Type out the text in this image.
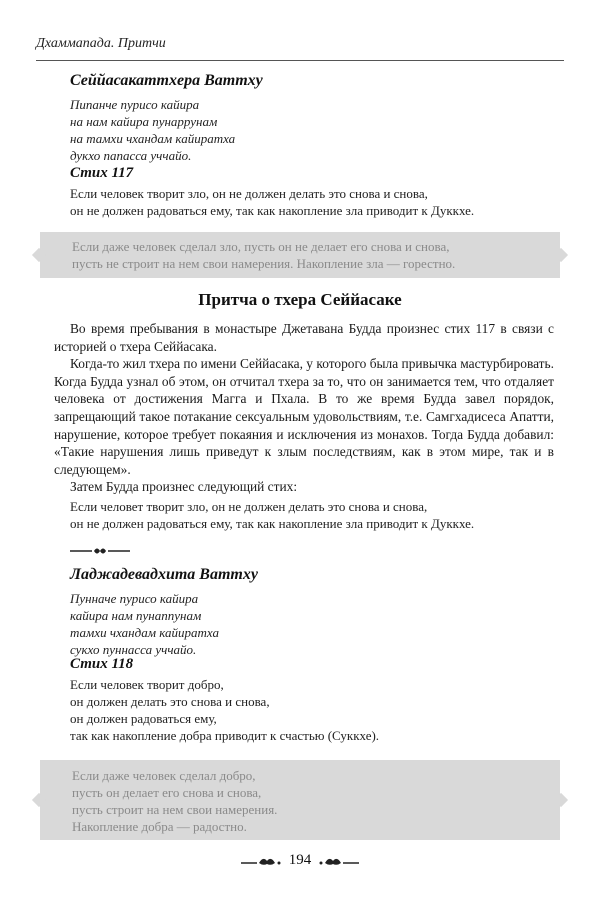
Дхаммапада. Притчи
Сеййасакаттхера Ваттху
Пипанче пурисо кайира
на нам кайира пунаррунам
на тамхи чхандам кайиратха
дукхо папасса уччайо.
Стих 117
Если человек творит зло, он не должен делать это снова и снова,
он не должен радоваться ему, так как накопление зла приводит к Дуккхе.
Если даже человек сделал зло, пусть он не делает его снова и снова,
пусть не строит на нем свои намерения. Накопление зла — горестно.
Притча о тхера Сеййасаке

Во время пребывания в монастыре Джетавана Будда произнес стих 117 в связи с историей о тхера Сеййасака.

Когда-то жил тхера по имени Сеййасака, у которого была привычка мастурбировать. Когда Будда узнал об этом, он отчитал тхера за то, что он занимается тем, что отдаляет человека от достижения Магга и Пхала. В то же время Будда завел порядок, запрещающий такое потакание сексуальным удовольствиям, т.е. Самгхадисеса Апатти, нарушение, которое требует покаяния и исключения из монахов. Тогда Будда добавил: «Такие нарушения лишь приведут к злым последствиям, как в этом мире, так и в следующем».

Затем Будда произнес следующий стих:

Если человет творит зло, он не должен делать это снова и снова,
он не должен радоваться ему, так как накопление зла приводит к Дуккхе.
Ладжадевадхита Ваттху
Пунначе пурисо кайира
кайира нам пунаппунам
тамхи чхандам кайиратха
сукхо пуннасса уччайо.
Стих 118
Если человек творит добро,
он должен делать это снова и снова,
он должен радоваться ему,
так как накопление добра приводит к счастью (Суккхе).
Если даже человек сделал добро,
пусть он делает его снова и снова,
пусть строит на нем свои намерения.
Накопление добра — радостно.
194
